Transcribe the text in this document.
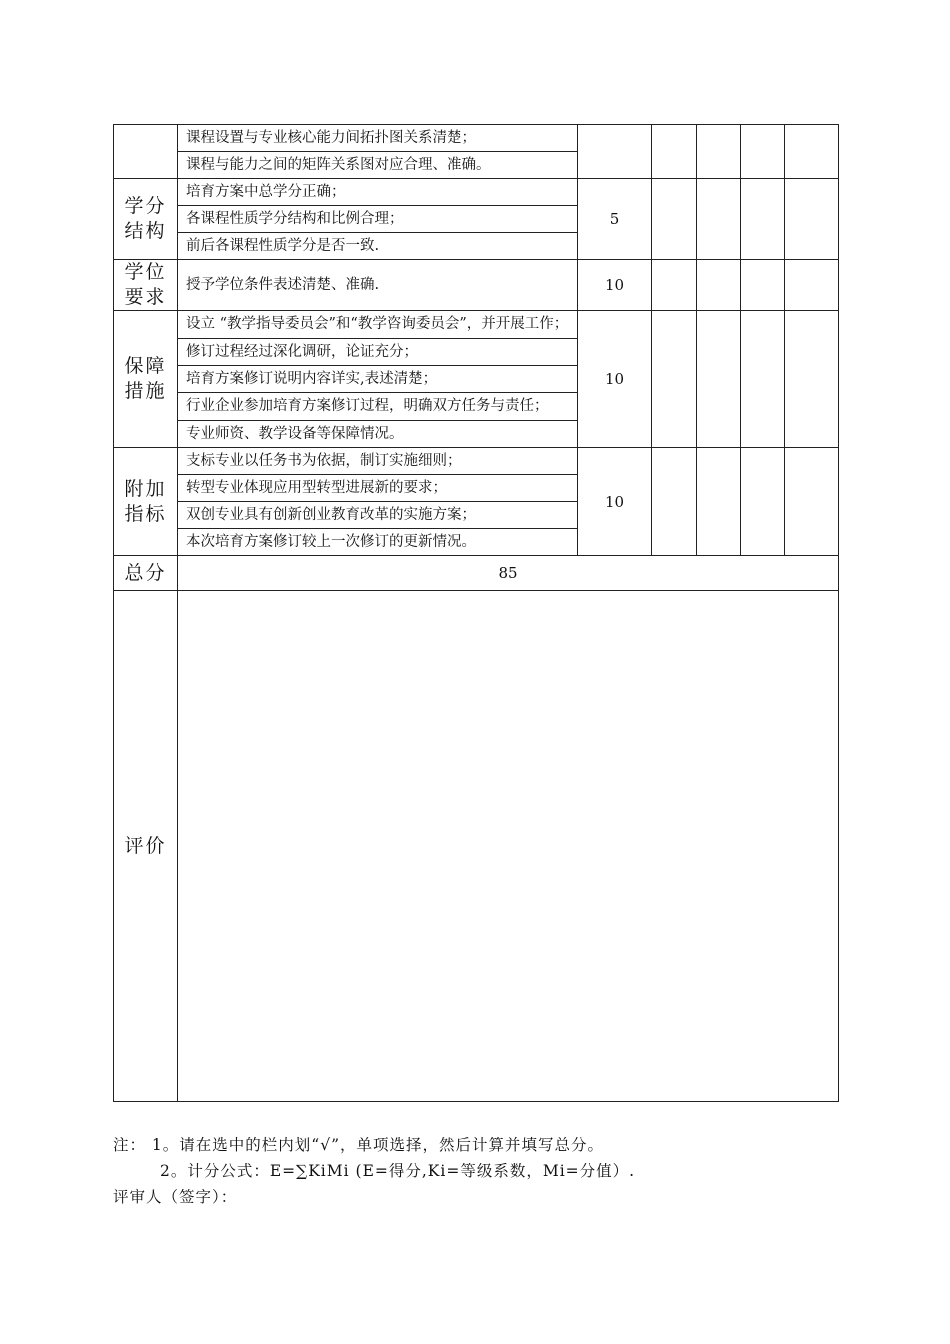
	课程设置与专业核心能力间拓扑图关系清楚；					
	课程与能力之间的矩阵关系图对应合理、准确。					
学分结构	培育方案中总学分正确；	5				
	各课程性质学分结构和比例合理；					
	前后各课程性质学分是否一致.					
学位要求	授予学位条件表述清楚、准确.	10				
保障措施	设立 “教学指导委员会”和“教学咨询委员会”，并开展工作；	10				
	修订过程经过深化调研，论证充分；					
	培育方案修订说明内容详实,表述清楚；					
	行业企业参加培育方案修订过程，明确双方任务与责任；					
	专业师资、教学设备等保障情况。					
附加指标	支标专业以任务书为依据，制订实施细则；	10				
	转型专业体现应用型转型进展新的要求；					
	双创专业具有创新创业教育改革的实施方案；					
	本次培育方案修订较上一次修订的更新情况。					
总分	85					
评价						
注： 1。请在选中的栏内划“√”，单项选择，然后计算并填写总分。
2。计分公式：E=∑KiMi (E=得分,Ki=等级系数，Mi=分值）.
评审人（签字）：
